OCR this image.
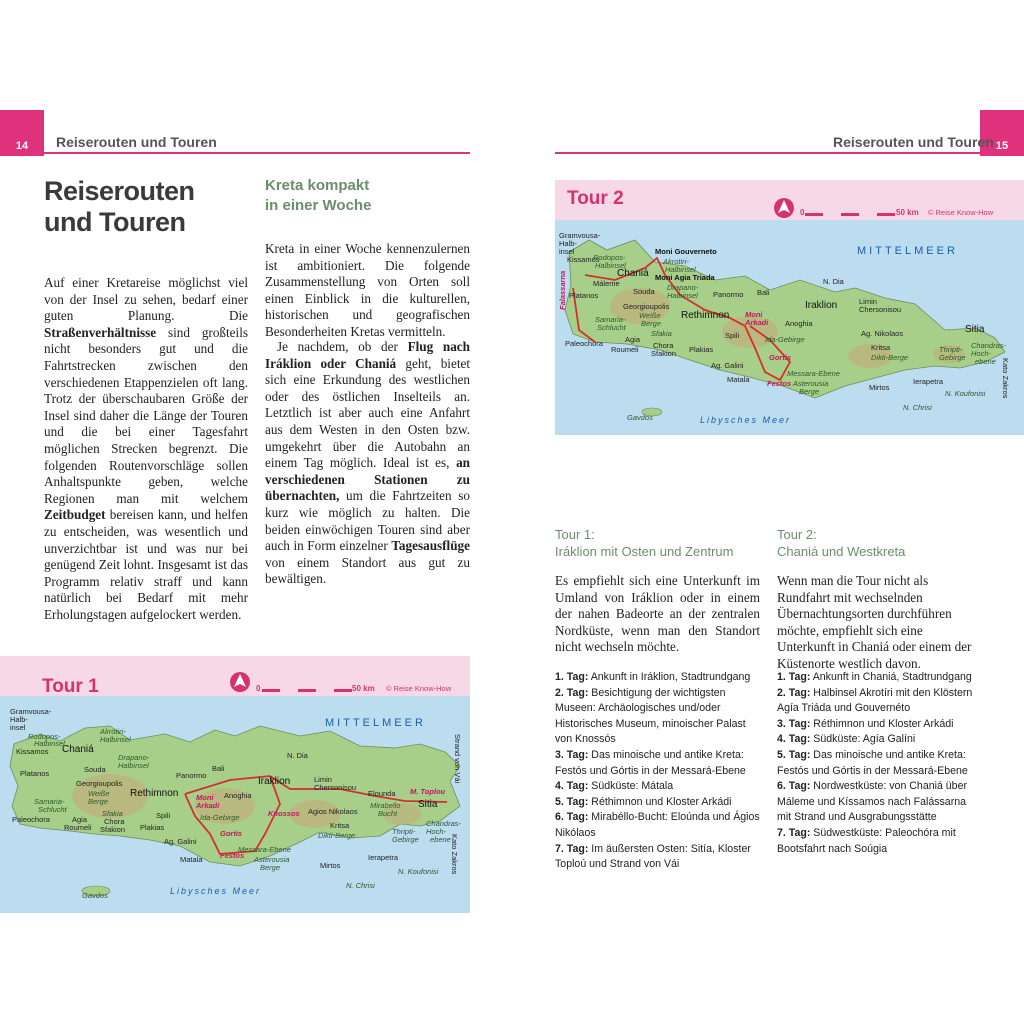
14	Reiserouten und Touren
Reiserouten
und Touren
Auf einer Kretareise möglichst viel von der Insel zu sehen, bedarf einer guten Planung. Die Straßenverhältnisse sind großteils nicht besonders gut und die Fahrtstrecken zwischen den verschiedenen Etappenzielen oft lang. Trotz der überschaubaren Größe der Insel sind daher die Länge der Touren und die bei einer Tagesfahrt möglichen Strecken begrenzt. Die folgenden Routenvorschläge sollen Anhaltspunkte geben, welche Regionen man mit welchem Zeitbudget bereisen kann, und helfen zu entscheiden, was wesentlich und unverzichtbar ist und was nur bei genügend Zeit lohnt. Insgesamt ist das Programm relativ straff und kann natürlich bei Bedarf mit mehr Erholungstagen aufgelockert werden.
Kreta kompakt
in einer Woche
Kreta in einer Woche kennenzulernen ist ambitioniert. Die folgende Zusammenstellung von Orten soll einen Einblick in die kulturellen, historischen und geografischen Besonderheiten Kretas vermitteln.
Je nachdem, ob der Flug nach Iráklion oder Chaniá geht, bietet sich eine Erkundung des westlichen oder des östlichen Inselteils an. Letztlich ist aber auch eine Anfahrt aus dem Westen in den Osten bzw. umgekehrt über die Autobahn an einem Tag möglich. Ideal ist es, an verschiedenen Stationen zu übernachten, um die Fahrtzeiten so kurz wie möglich zu halten. Die beiden einwöchigen Touren sind aber auch in Form einzelner Tagesausflüge von einem Standort aus gut zu bewältigen.
Tour 1
MITTELMEER
Libysches Meer
Strand von Vái
Gramvousa-
Halb-
insel
Rodopos-
Halbinsel
Akrotiri-
Halbinsel
Kissamos Chaniá
Drapano-
Halbinsel
Platanos	Souda
Georgioupolis
Weiße
Berge
Samaria-
Schlucht	Sfakia
Paleochora	Agia
Roumeli
Chora
Sfakion Plakias
Spili
Rethimnon Moni
Arkadi
Anoghia
Ida-Gebirge
Panormo
Bali
N. Dia
Iraklion
Knossos
Limin
Chersonisou
Agios Nikolaos
Elounda
Mirabello
Bucht
M. Toplou
Sitia
Ag. Galini
Gortis
Festos
Matala
Messara-Ebene
Asterousia
Berge
Kritsa
Dikti-Berge	Thripti-
Gebirge
Chandras-
Hoch-
ebene
Ierapetra
Mirtos	Kato Zakros
N. Koufonisi
N. Chrisi
Gavdos
0	50 km © Reise Know-How
15
Reiserouten und Touren
Tour 2
MITTELMEER
Libysches Meer
Gramvousa-
Halb-
insel
Kissamos
Rodopos-
Halbinsel
Moni Gouverneto
Akrotiri-
Halbinsel
Moni Agia Triada
Chaniá
Falassarna	Máleme
Platanos	Souda Drapano-
Halbinsel
Georgioupolis
Weiße
Berge
Samaria-
Schlucht
Sfakia
Paleochora	Agia
Roumeli Chora
Sfakion Plakias
Spili
Rethimnon Moni
Arkadi Anoghia
Ida-Gebirge
Panormo Bali
N. Dia
Iraklion	Limin
Chersonisou
Ag. Nikolaos
Kritsa
Dikti-Berge
Sitia
Thripti-
Gebirge
Chandras-
Hoch-
ebene Kato Zakros
Ag. Galini
Gortis
Festos
Matala
Messara-Ebene
Asterousia
Berge	Mirtos
Ierapetra
N. Koufonisi
N. Chrisi
Gavdos
0	50 km © Reise Know-How
Tour 1:
Iráklion mit Osten und Zentrum
Es empfiehlt sich eine Unterkunft im Umland von Iráklion oder in einem der nahen Badeorte an der zentralen Nordküste, wenn man den Standort nicht wechseln möchte.
1. Tag: Ankunft in Iráklion, Stadtrundgang
2. Tag: Besichtigung der wichtigsten Museen: Archäologisches und/oder Historisches Museum, minoischer Palast von Knossós
3. Tag: Das minoische und antike Kreta: Festós und Górtis in der Messará-Ebene
4. Tag: Südküste: Mátala
5. Tag: Réthimnon und Kloster Arkádi
6. Tag: Mirabéllo-Bucht: Eloúnda und Ágios Nikólaos
7. Tag: Im äußersten Osten: Sitía, Kloster Toploú und Strand von Vái
Tour 2:
Chaniá und Westkreta
Wenn man die Tour nicht als Rundfahrt mit wechselnden Übernachtungsorten durchführen möchte, empfiehlt sich eine Unterkunft in Chaniá oder einem der Küstenorte westlich davon.
1. Tag: Ankunft in Chaniá, Stadtrundgang
2. Tag: Halbinsel Akrotíri mit den Klöstern Agía Triáda und Gouvernéto
3. Tag: Réthimnon und Kloster Arkádi
4. Tag: Südküste: Agía Galíni
5. Tag: Das minoische und antike Kreta: Festós und Górtis in der Messará-Ebene
6. Tag: Nordwestküste: von Chaniá über Máleme und Kíssamos nach Falássarna mit Strand und Ausgrabungsstätte
7. Tag: Südwestküste: Paleochóra mit Bootsfahrt nach Soúgia
